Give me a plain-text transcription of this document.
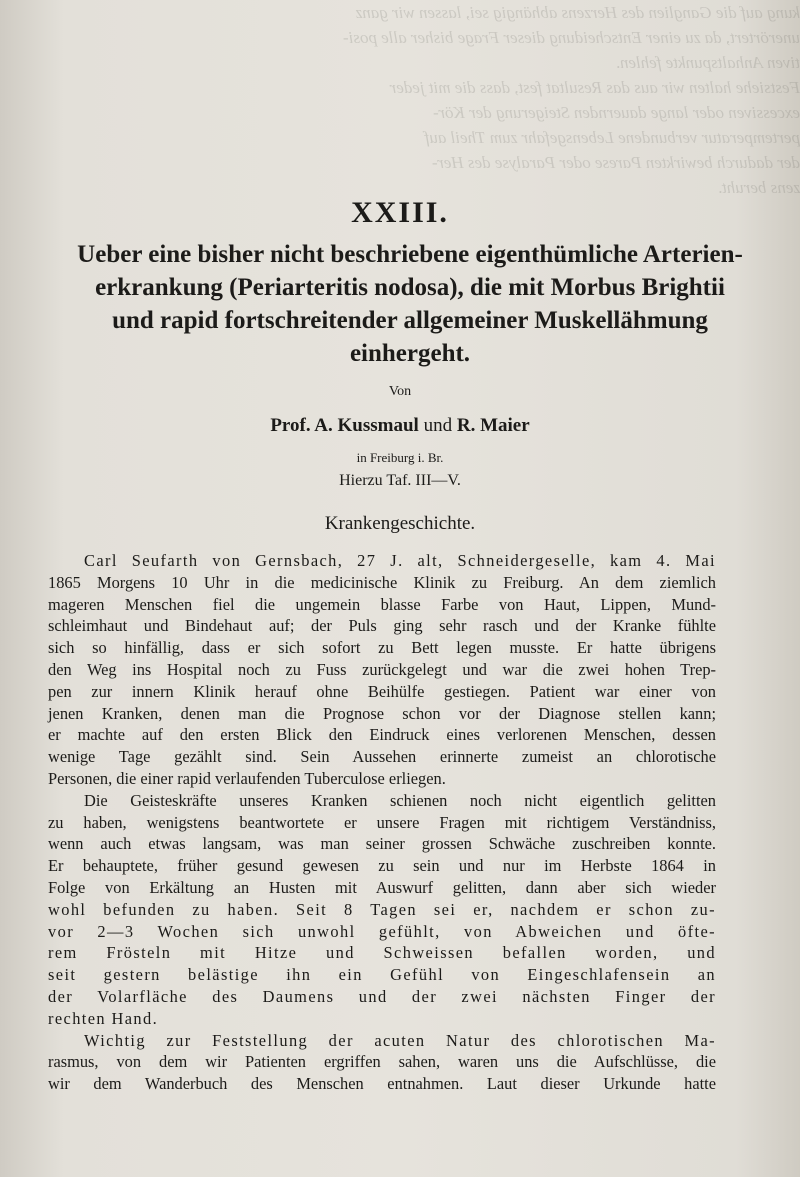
kung auf die Ganglien des Herzens abhängig sei, lassen wir ganz
unerörtert, da zu einer Entscheidung dieser Frage bisher alle posi-
tiven Anhaltspunkte fehlen.
Festsiehe halten wir aus das Resultat fest, dass die mit jeder
excessiven oder lange dauernden Steigerung der Kör-
pertemperatur verbundene Lebensgefahr zum Theil auf
der dadurch bewirkten Parese oder Paralyse des Her-
zens beruht.
XXIII.
Ueber eine bisher nicht beschriebene eigenthümliche Arterien-
erkrankung (Periarteritis nodosa), die mit Morbus Brightii
und rapid fortschreitender allgemeiner Muskellähmung
einhergeht.
Von
Prof. A. Kussmaul und R. Maier
in Freiburg i. Br.
Hierzu Taf. III—V.
Krankengeschichte.
Carl Seufarth von Gernsbach, 27 J. alt, Schneidergeselle, kam 4. Mai
1865 Morgens 10 Uhr in die medicinische Klinik zu Freiburg. An dem ziemlich
mageren Menschen fiel die ungemein blasse Farbe von Haut, Lippen, Mund-
schleimhaut und Bindehaut auf; der Puls ging sehr rasch und der Kranke fühlte
sich so hinfällig, dass er sich sofort zu Bett legen musste. Er hatte übrigens
den Weg ins Hospital noch zu Fuss zurückgelegt und war die zwei hohen Trep-
pen zur innern Klinik herauf ohne Beihülfe gestiegen. Patient war einer von
jenen Kranken, denen man die Prognose schon vor der Diagnose stellen kann;
er machte auf den ersten Blick den Eindruck eines verlorenen Menschen, dessen
wenige Tage gezählt sind. Sein Aussehen erinnerte zumeist an chlorotische
Personen, die einer rapid verlaufenden Tuberculose erliegen.
Die Geisteskräfte unseres Kranken schienen noch nicht eigentlich gelitten
zu haben, wenigstens beantwortete er unsere Fragen mit richtigem Verständniss,
wenn auch etwas langsam, was man seiner grossen Schwäche zuschreiben konnte.
Er behauptete, früher gesund gewesen zu sein und nur im Herbste 1864 in
Folge von Erkältung an Husten mit Auswurf gelitten, dann aber sich wieder
wohl befunden zu haben. Seit 8 Tagen sei er, nachdem er schon zu-
vor 2—3 Wochen sich unwohl gefühlt, von Abweichen und öfte-
rem Frösteln mit Hitze und Schweissen befallen worden, und
seit gestern belästige ihn ein Gefühl von Eingeschlafensein an
der Volarfläche des Daumens und der zwei nächsten Finger der
rechten Hand.
Wichtig zur Feststellung der acuten Natur des chlorotischen Ma-
rasmus, von dem wir Patienten ergriffen sahen, waren uns die Aufschlüsse, die
wir dem Wanderbuch des Menschen entnahmen. Laut dieser Urkunde hatte
